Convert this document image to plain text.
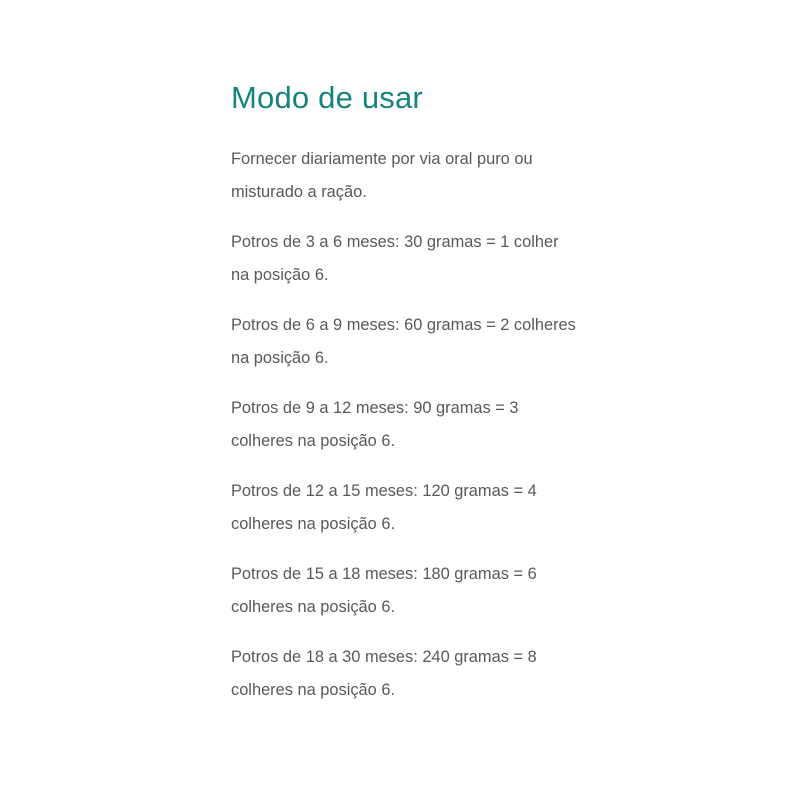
Modo de usar

Fornecer diariamente por via oral puro ou misturado a ração.

Potros de 3 a 6 meses: 30 gramas = 1 colher na posição 6.

Potros de 6 a 9 meses: 60 gramas = 2 colheres na posição 6.

Potros de 9 a 12 meses: 90 gramas = 3 colheres na posição 6.

Potros de 12 a 15 meses: 120 gramas = 4 colheres na posição 6.

Potros de 15 a 18 meses: 180 gramas = 6 colheres na posição 6.

Potros de 18 a 30 meses: 240 gramas = 8 colheres na posição 6.
